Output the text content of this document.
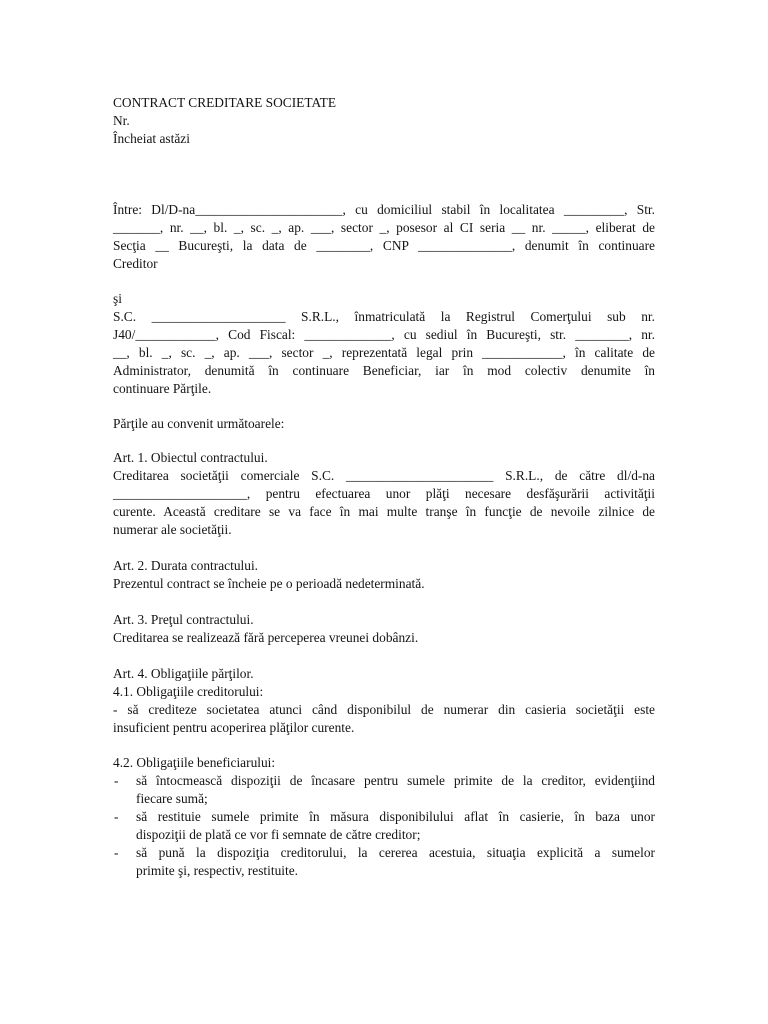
CONTRACT CREDITARE SOCIETATE
Nr.
Încheiat astăzi
Între: Dl/D-na______________________, cu domiciliul stabil în localitatea _________, Str.
_______, nr. __, bl. _, sc. _, ap. ___, sector _, posesor al CI seria __ nr. _____, eliberat de
Secţia __ Bucureşti, la data de ________, CNP ______________, denumit în continuare
Creditor
şi
S.C. ____________________ S.R.L., înmatriculată la Registrul Comerţului sub nr.
J40/____________, Cod Fiscal: _____________, cu sediul în Bucureşti, str. ________, nr.
__, bl. _, sc. _, ap. ___, sector _, reprezentată legal prin ____________, în calitate de
Administrator, denumită în continuare Beneficiar, iar în mod colectiv denumite în
continuare Părţile.
Părţile au convenit următoarele:
Art. 1. Obiectul contractului.
Creditarea societăţii comerciale S.C. ______________________ S.R.L., de către dl/d-na
____________________, pentru efectuarea unor plăţi necesare desfăşurării activităţii
curente. Această creditare se va face în mai multe tranşe în funcţie de nevoile zilnice de
numerar ale societăţii.
Art. 2. Durata contractului.
Prezentul contract se încheie pe o perioadă nedeterminată.
Art. 3. Preţul contractului.
Creditarea se realizează fără perceperea vreunei dobânzi.
Art. 4. Obligaţiile părţilor.
4.1. Obligaţiile creditorului:
- să crediteze societatea atunci când disponibilul de numerar din casieria societăţii este
insuficient pentru acoperirea plăţilor curente.
4.2. Obligaţiile beneficiarului:
- să întocmească dispoziţii de încasare pentru sumele primite de la creditor, evidenţiind
fiecare sumă;
- să restituie sumele primite în măsura disponibilului aflat în casierie, în baza unor
dispoziţii de plată ce vor fi semnate de către creditor;
- să pună la dispoziţia creditorului, la cererea acestuia, situaţia explicită a sumelor
primite şi, respectiv, restituite.
